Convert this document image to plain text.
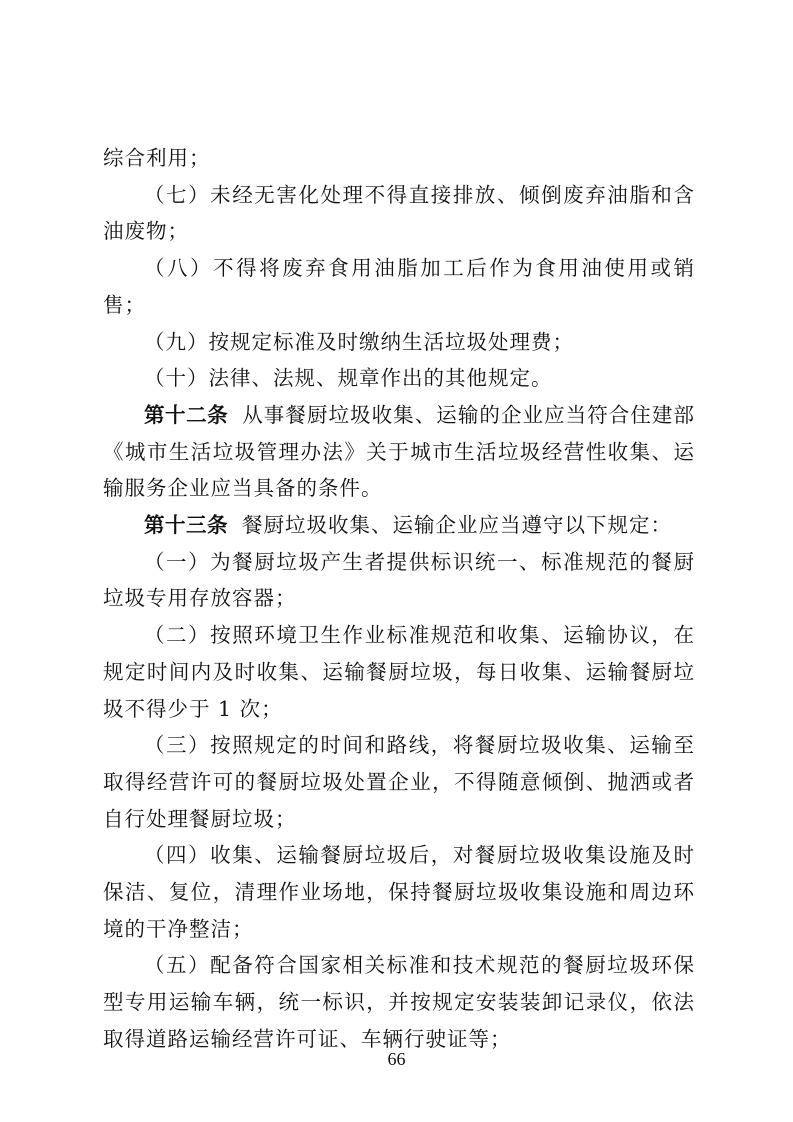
综合利用；

（七）未经无害化处理不得直接排放、倾倒废弃油脂和含油废物；

（八）不得将废弃食用油脂加工后作为食用油使用或销售；

（九）按规定标准及时缴纳生活垃圾处理费；

（十）法律、法规、规章作出的其他规定。

第十二条 从事餐厨垃圾收集、运输的企业应当符合住建部《城市生活垃圾管理办法》关于城市生活垃圾经营性收集、运输服务企业应当具备的条件。

第十三条 餐厨垃圾收集、运输企业应当遵守以下规定：

（一）为餐厨垃圾产生者提供标识统一、标准规范的餐厨垃圾专用存放容器；

（二）按照环境卫生作业标准规范和收集、运输协议，在规定时间内及时收集、运输餐厨垃圾，每日收集、运输餐厨垃圾不得少于 1 次；

（三）按照规定的时间和路线，将餐厨垃圾收集、运输至取得经营许可的餐厨垃圾处置企业，不得随意倾倒、抛洒或者自行处理餐厨垃圾；

（四）收集、运输餐厨垃圾后，对餐厨垃圾收集设施及时保洁、复位，清理作业场地，保持餐厨垃圾收集设施和周边环境的干净整洁；

（五）配备符合国家相关标准和技术规范的餐厨垃圾环保型专用运输车辆，统一标识，并按规定安装装卸记录仪，依法取得道路运输经营许可证、车辆行驶证等；

66
